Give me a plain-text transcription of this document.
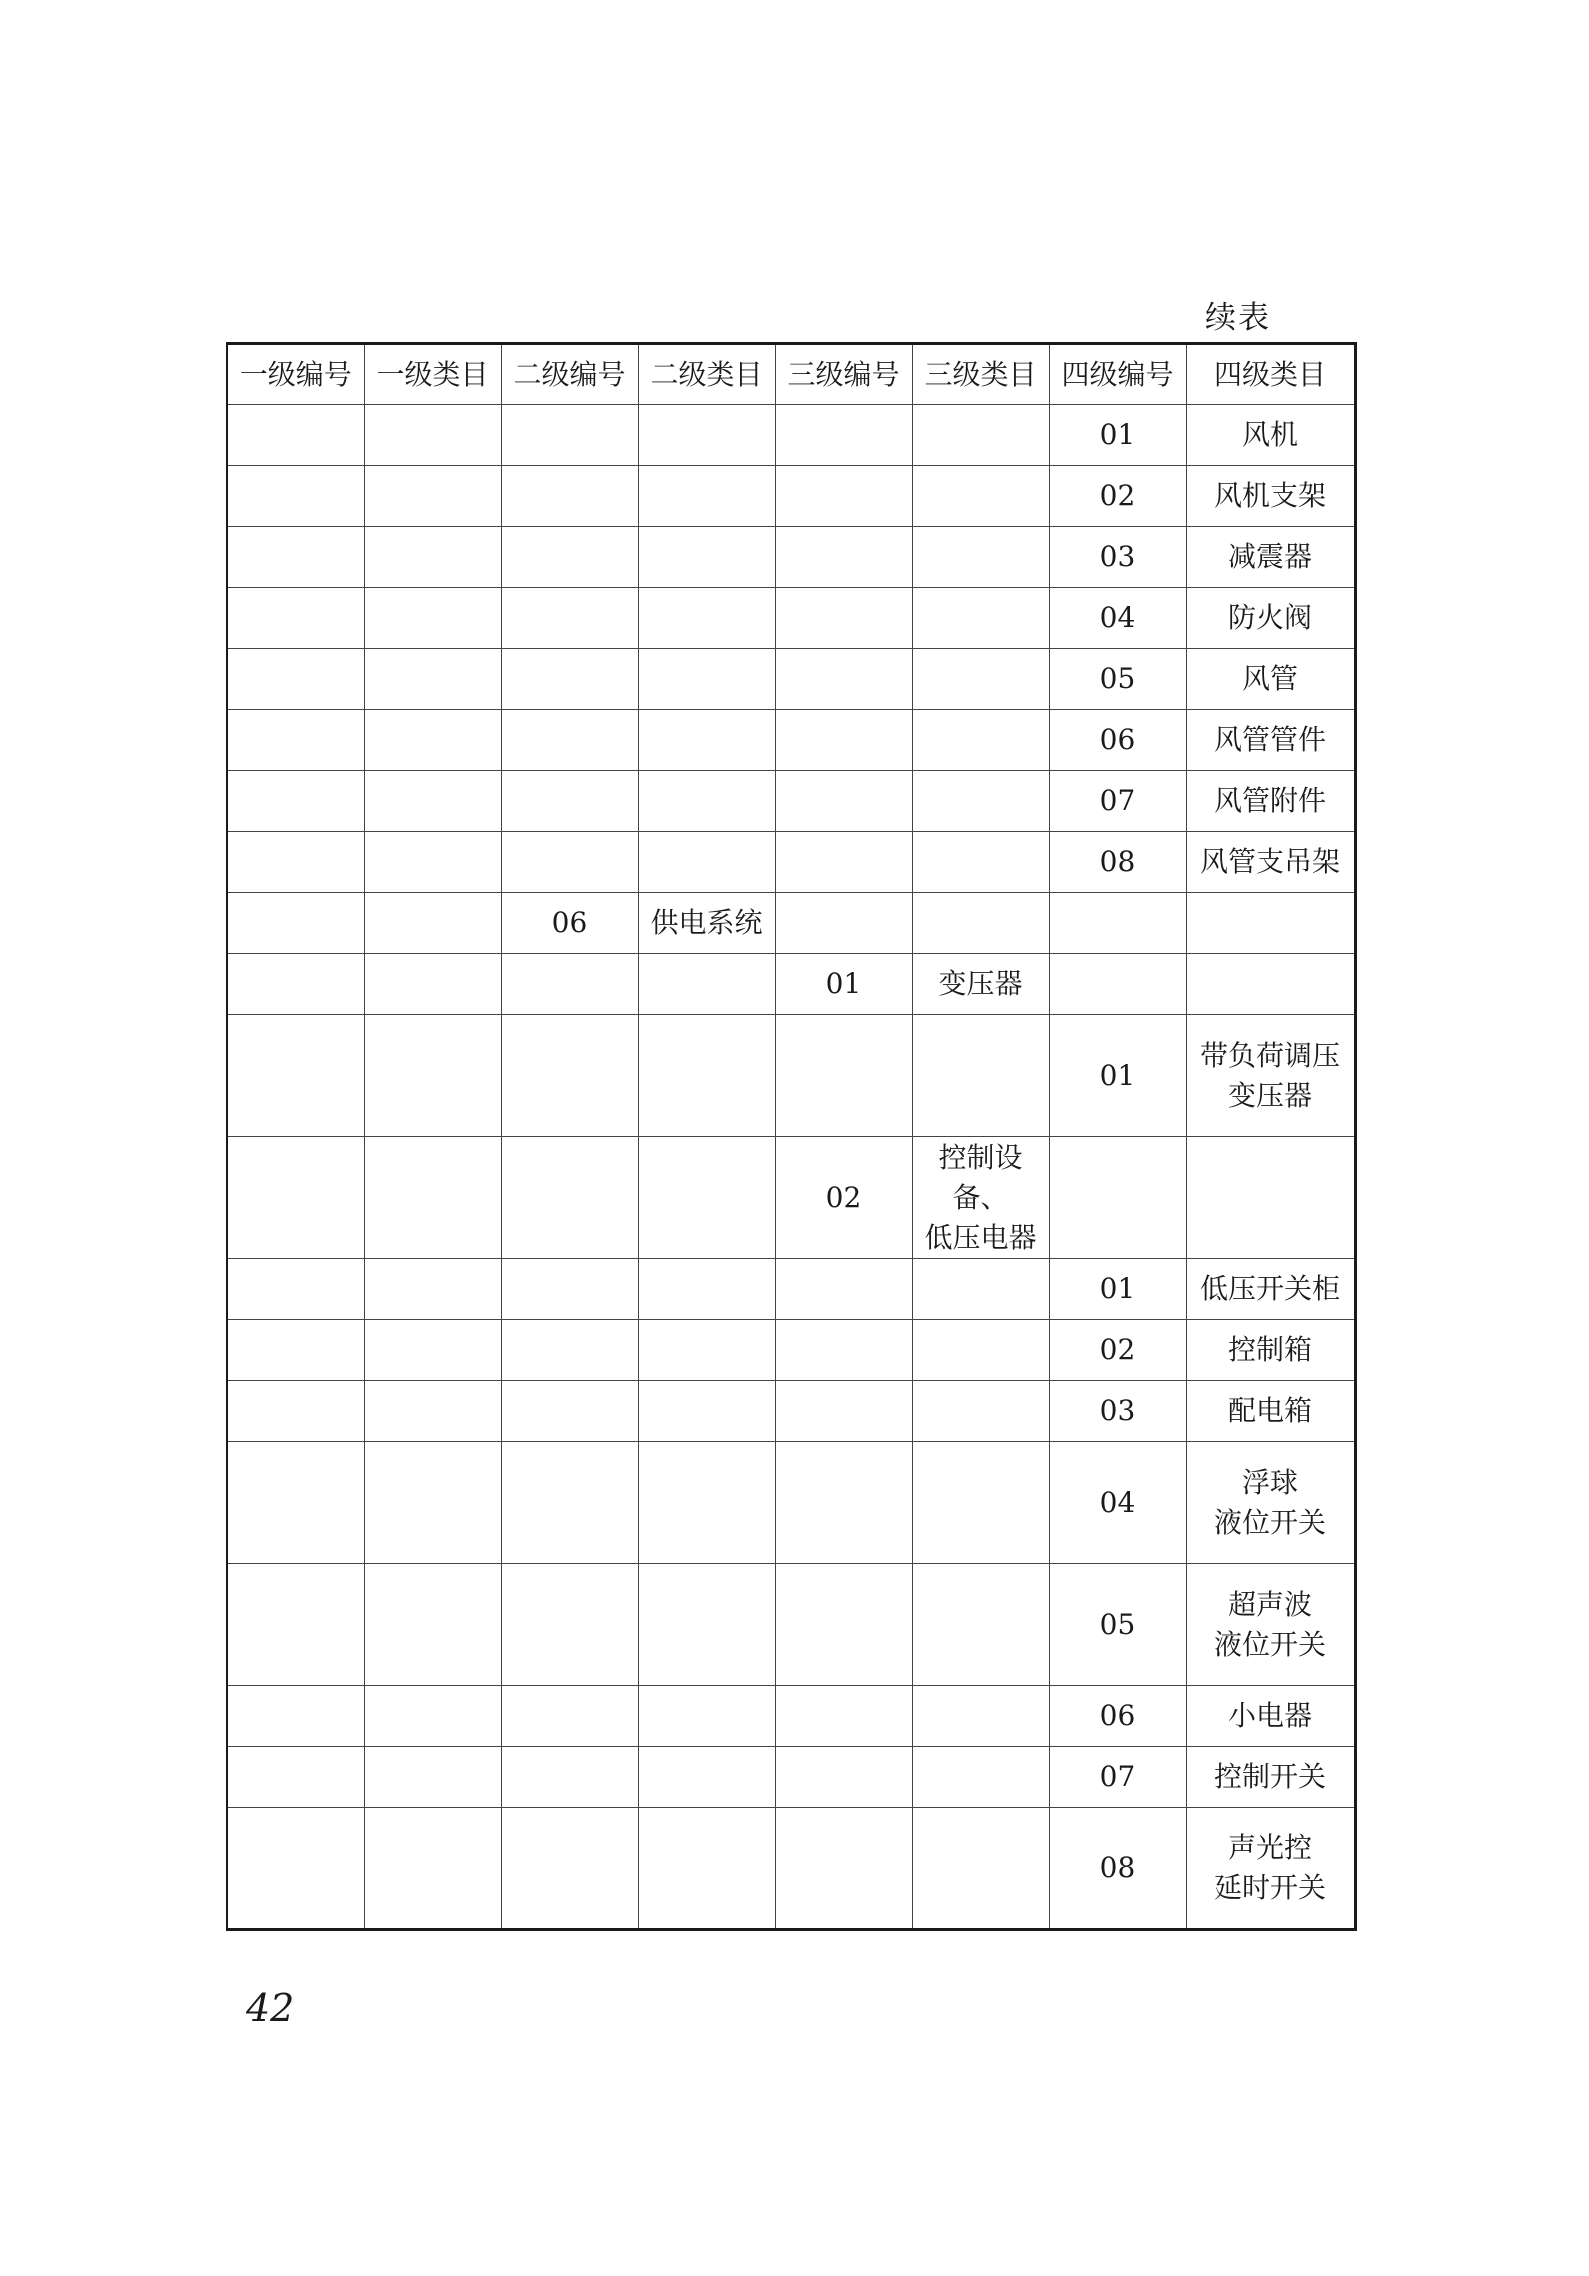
续表
一级编号	一级类目	二级编号	二级类目	三级编号	三级类目	四级编号	四级类目
						01	风机
						02	风机支架
						03	减震器
						04	防火阀
						05	风管
						06	风管管件
						07	风管附件
						08	风管支吊架
		06	供电系统				
				01	变压器		
						01	带负荷调压
变压器
				02	控制设备、
低压电器		
						01	低压开关柜
						02	控制箱
						03	配电箱
						04	浮球
液位开关
						05	超声波
液位开关
						06	小电器
						07	控制开关
						08	声光控
延时开关
42
